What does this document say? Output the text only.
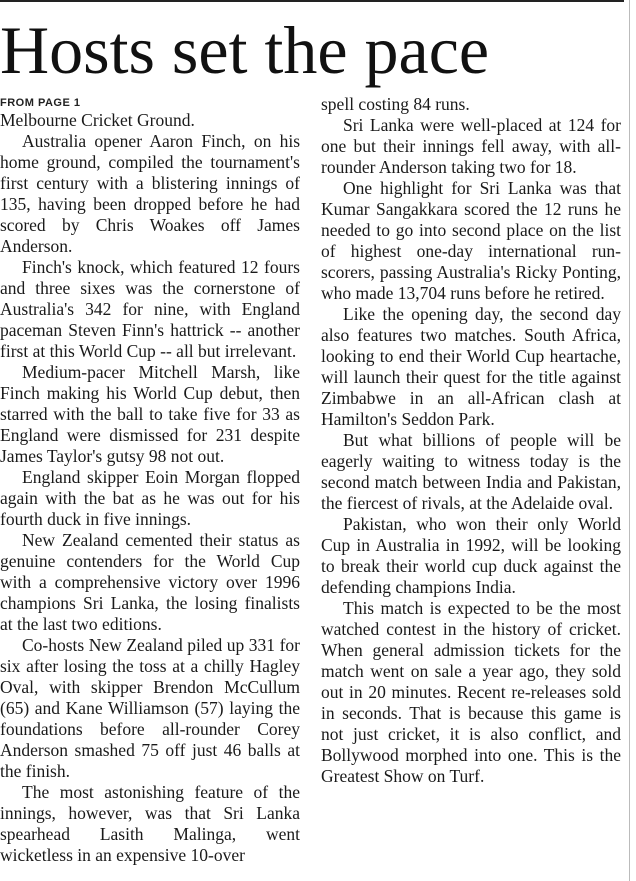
Hosts set the pace
FROM PAGE 1

Melbourne Cricket Ground.

Australia opener Aaron Finch, on his home ground, compiled the tournament's first century with a blistering innings of 135, having been dropped before he had scored by Chris Woakes off James Anderson.

Finch's knock, which featured 12 fours and three sixes was the cornerstone of Australia's 342 for nine, with England paceman Steven Finn's hattrick -- another first at this World Cup -- all but irrelevant.

Medium-pacer Mitchell Marsh, like Finch making his World Cup debut, then starred with the ball to take five for 33 as England were dismissed for 231 despite James Taylor's gutsy 98 not out.

England skipper Eoin Morgan flopped again with the bat as he was out for his fourth duck in five innings.

New Zealand cemented their status as genuine contenders for the World Cup with a comprehensive victory over 1996 champions Sri Lanka, the losing finalists at the last two editions.

Co-hosts New Zealand piled up 331 for six after losing the toss at a chilly Hagley Oval, with skipper Brendon McCullum (65) and Kane Williamson (57) laying the foundations before all-rounder Corey Anderson smashed 75 off just 46 balls at the finish.

The most astonishing feature of the innings, however, was that Sri Lanka spearhead Lasith Malinga, went wicketless in an expensive 10-over

spell costing 84 runs.

Sri Lanka were well-placed at 124 for one but their innings fell away, with all-rounder Anderson taking two for 18.

One highlight for Sri Lanka was that Kumar Sangakkara scored the 12 runs he needed to go into second place on the list of highest one-day international run-scorers, passing Australia's Ricky Ponting, who made 13,704 runs before he retired.

Like the opening day, the second day also features two matches. South Africa, looking to end their World Cup heartache, will launch their quest for the title against Zimbabwe in an all-African clash at Hamilton's Seddon Park.

But what billions of people will be eagerly waiting to witness today is the second match between India and Pakistan, the fiercest of rivals, at the Adelaide oval.

Pakistan, who won their only World Cup in Australia in 1992, will be looking to break their world cup duck against the defending champions India.

This match is expected to be the most watched contest in the history of cricket. When general admission tickets for the match went on sale a year ago, they sold out in 20 minutes. Recent re-releases sold in seconds. That is because this game is not just cricket, it is also conflict, and Bollywood morphed into one. This is the Greatest Show on Turf.
